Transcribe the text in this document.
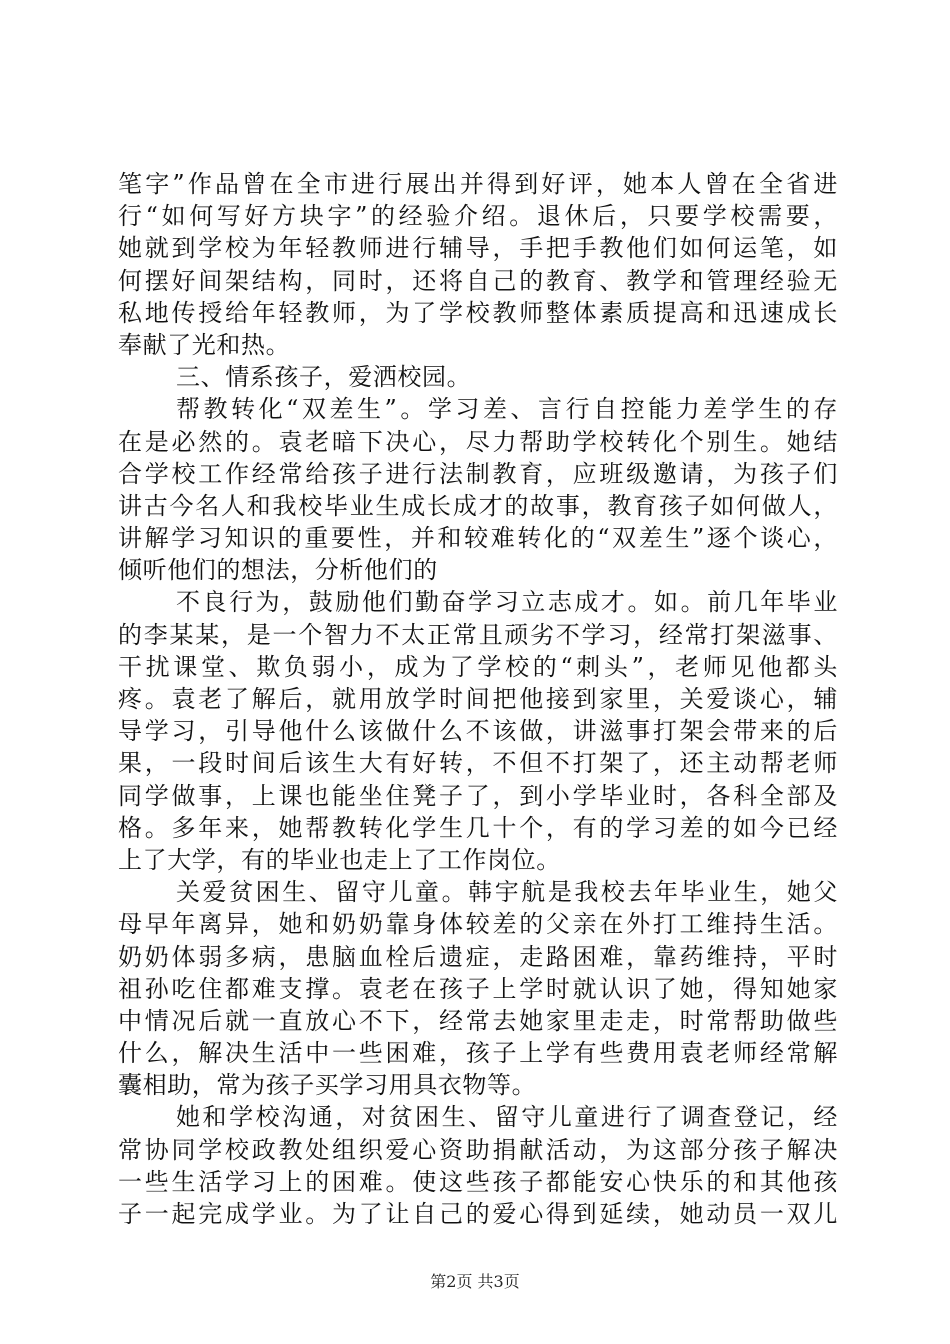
笔字”作品曾在全市进行展出并得到好评，她本人曾在全省进
行“如何写好方块字”的经验介绍。退休后，只要学校需要，
她就到学校为年轻教师进行辅导，手把手教他们如何运笔，如
何摆好间架结构，同时，还将自己的教育、教学和管理经验无
私地传授给年轻教师，为了学校教师整体素质提高和迅速成长
奉献了光和热。
三、情系孩子，爱洒校园。
帮教转化“双差生”。学习差、言行自控能力差学生的存
在是必然的。袁老暗下决心，尽力帮助学校转化个别生。她结
合学校工作经常给孩子进行法制教育，应班级邀请，为孩子们
讲古今名人和我校毕业生成长成才的故事，教育孩子如何做人，
讲解学习知识的重要性，并和较难转化的“双差生”逐个谈心，
倾听他们的想法，分析他们的
不良行为，鼓励他们勤奋学习立志成才。如。前几年毕业
的李某某，是一个智力不太正常且顽劣不学习，经常打架滋事、
干扰课堂、欺负弱小，成为了学校的“刺头”，老师见他都头
疼。袁老了解后，就用放学时间把他接到家里，关爱谈心，辅
导学习，引导他什么该做什么不该做，讲滋事打架会带来的后
果，一段时间后该生大有好转，不但不打架了，还主动帮老师
同学做事，上课也能坐住凳子了，到小学毕业时，各科全部及
格。多年来，她帮教转化学生几十个，有的学习差的如今已经
上了大学，有的毕业也走上了工作岗位。
关爱贫困生、留守儿童。韩宇航是我校去年毕业生，她父
母早年离异，她和奶奶靠身体较差的父亲在外打工维持生活。
奶奶体弱多病，患脑血栓后遗症，走路困难，靠药维持，平时
祖孙吃住都难支撑。袁老在孩子上学时就认识了她，得知她家
中情况后就一直放心不下，经常去她家里走走，时常帮助做些
什么，解决生活中一些困难，孩子上学有些费用袁老师经常解
囊相助，常为孩子买学习用具衣物等。
她和学校沟通，对贫困生、留守儿童进行了调查登记，经
常协同学校政教处组织爱心资助捐献活动，为这部分孩子解决
一些生活学习上的困难。使这些孩子都能安心快乐的和其他孩
子一起完成学业。为了让自己的爱心得到延续，她动员一双儿
第2页 共3页
